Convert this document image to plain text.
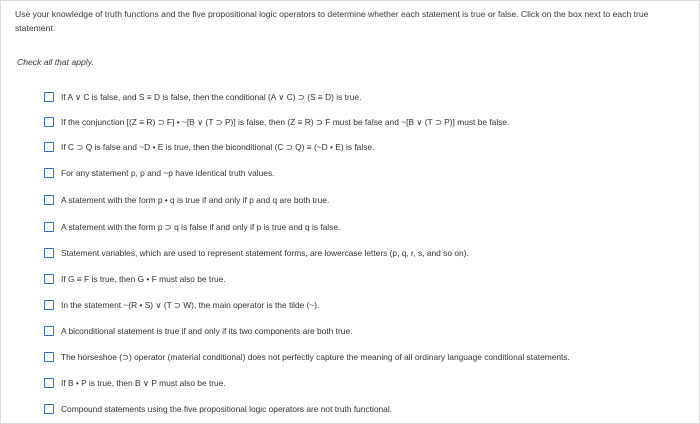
Use your knowledge of truth functions and the five propositional logic operators to determine whether each statement is true or false. Click on the box next to each true statement.
Check all that apply.
If A ∨ C is false, and S ≡ D is false, then the conditional (A ∨ C) ⊃ (S ≡ D) is true.
If the conjunction [(Z ≡ R) ⊃ F] • ~[B ∨ (T ⊃ P)] is false, then (Z ≡ R) ⊃ F must be false and ~[B ∨ (T ⊃ P)] must be false.
If C ⊃ Q is false and ~D • E is true, then the biconditional (C ⊃ Q) ≡ (~D • E) is false.
For any statement p, p and ~p have identical truth values.
A statement with the form p • q is true if and only if p and q are both true.
A statement with the form p ⊃ q is false if and only if p is true and q is false.
Statement variables, which are used to represent statement forms, are lowercase letters (p, q, r, s, and so on).
If G ≡ F is true, then G • F must also be true.
In the statement ~(R • S) ∨ (T ⊃ W), the main operator is the tilde (~).
A biconditional statement is true if and only if its two components are both true.
The horseshoe (⊃) operator (material conditional) does not perfectly capture the meaning of all ordinary language conditional statements.
If B • P is true, then B ∨ P must also be true.
Compound statements using the five propositional logic operators are not truth functional.
